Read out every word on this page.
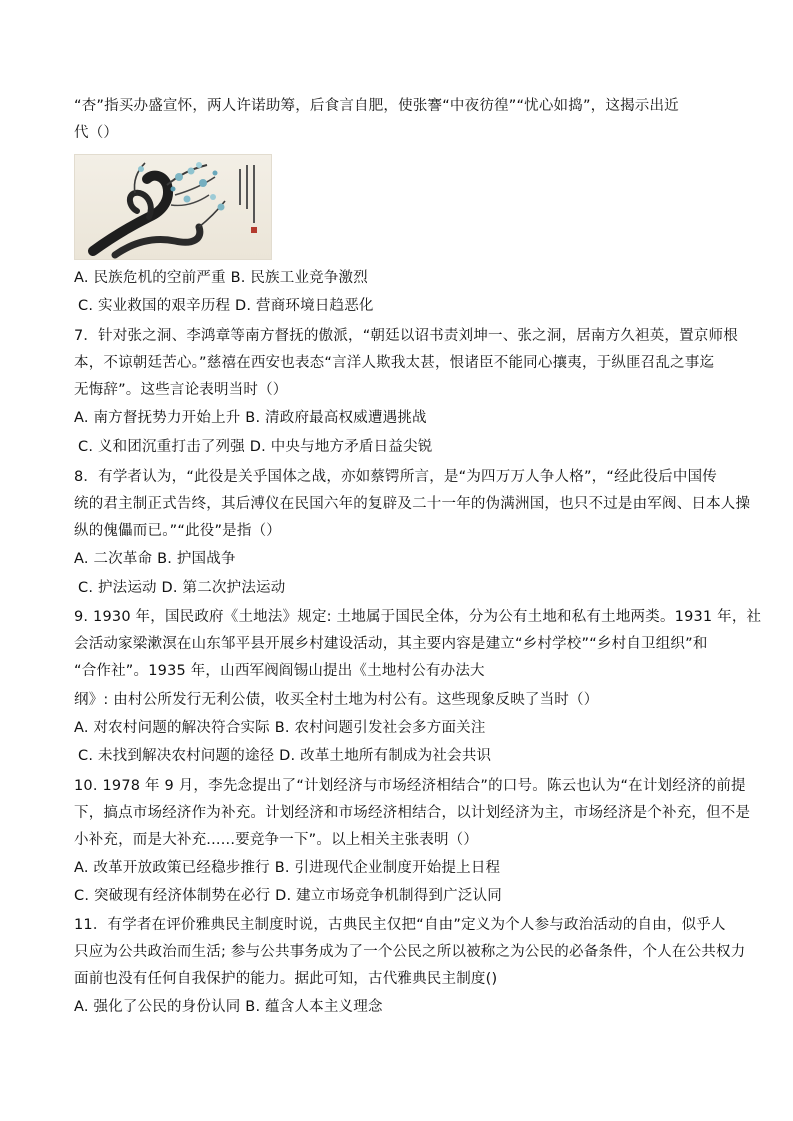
“杏”指买办盛宣怀，两人许诺助筹，后食言自肥，使张謇“中夜彷徨”“忧心如捣”，这揭示出近
代（）
A. 民族危机的空前严重 B. 民族工业竞争激烈
C. 实业救国的艰辛历程 D. 营商环境日趋恶化
7．针对张之洞、李鸿章等南方督抚的傲派，“朝廷以诏书责刘坤一、张之洞，居南方久袒英，置京师根
本，不谅朝廷苦心。”慈禧在西安也表态“言洋人欺我太甚，恨诸臣不能同心攘夷，于纵匪召乱之事迄
无悔辞”。这些言论表明当时（）
A. 南方督抚势力开始上升 B. 清政府最高权威遭遇挑战
C. 义和团沉重打击了列强 D. 中央与地方矛盾日益尖锐
8．有学者认为，“此役是关乎国体之战，亦如蔡锷所言，是“为四万万人争人格”，“经此役后中国传
统的君主制正式告终，其后溥仪在民国六年的复辟及二十一年的伪满洲国，也只不过是由军阀、日本人操
纵的傀儡而已。”“此役”是指（）
A. 二次革命 B. 护国战争
C. 护法运动 D. 第二次护法运动
9. 1930 年，国民政府《土地法》规定: 土地属于国民全体，分为公有土地和私有土地两类。1931 年，社
会活动家梁漱溟在山东邹平县开展乡村建设活动，其主要内容是建立“乡村学校”“乡村自卫组织”和
“合作社”。1935 年，山西军阀阎锡山提出《土地村公有办法大
纲》: 由村公所发行无利公债，收买全村土地为村公有。这些现象反映了当时（）
A. 对农村问题的解决符合实际 B. 农村问题引发社会多方面关注
C. 未找到解决农村问题的途径 D. 改革土地所有制成为社会共识
10. 1978 年 9 月，李先念提出了“计划经济与市场经济相结合”的口号。陈云也认为“在计划经济的前提
下，搞点市场经济作为补充。计划经济和市场经济相结合，以计划经济为主，市场经济是个补充，但不是
小补充，而是大补充......要竞争一下”。以上相关主张表明（）
A. 改革开放政策已经稳步推行 B. 引进现代企业制度开始提上日程
C. 突破现有经济体制势在必行 D. 建立市场竞争机制得到广泛认同
11．有学者在评价雅典民主制度时说，古典民主仅把“自由”定义为个人参与政治活动的自由，似乎人
只应为公共政治而生活; 参与公共事务成为了一个公民之所以被称之为公民的必备条件，个人在公共权力
面前也没有任何自我保护的能力。据此可知，古代雅典民主制度()
A. 强化了公民的身份认同 B. 蕴含人本主义理念
